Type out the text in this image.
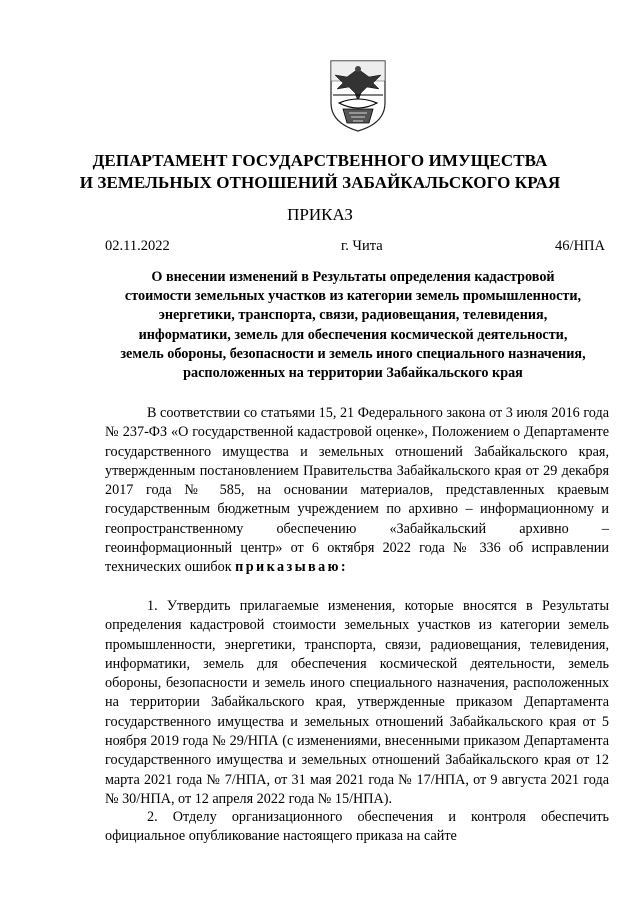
ДЕПАРТАМЕНТ ГОСУДАРСТВЕННОГО ИМУЩЕСТВА
И ЗЕМЕЛЬНЫХ ОТНОШЕНИЙ ЗАБАЙКАЛЬСКОГО КРАЯ
ПРИКАЗ
02.11.2022	г. Чита	46/НПА
О внесении изменений в Результаты определения кадастровой
стоимости земельных участков из категории земель промышленности,
энергетики, транспорта, связи, радиовещания, телевидения,
информатики, земель для обеспечения космической деятельности,
земель обороны, безопасности и земель иного специального назначения,
расположенных на территории Забайкальского края
В соответствии со статьями 15, 21 Федерального закона от 3 июля 2016 года № 237-ФЗ «О государственной кадастровой оценке», Положением о Департаменте государственного имущества и земельных отношений Забайкальского края, утвержденным постановлением Правительства Забайкальского края от 29 декабря 2017 года № 585, на основании материалов, представленных краевым государственным бюджетным учреждением по архивно – информационному и геопространственному обеспечению «Забайкальский архивно – геоинформационный центр» от 6 октября 2022 года № 336 об исправлении технических ошибок приказываю:
1. Утвердить прилагаемые изменения, которые вносятся в Результаты определения кадастровой стоимости земельных участков из категории земель промышленности, энергетики, транспорта, связи, радиовещания, телевидения, информатики, земель для обеспечения космической деятельности, земель обороны, безопасности и земель иного специального назначения, расположенных на территории Забайкальского края, утвержденные приказом Департамента государственного имущества и земельных отношений Забайкальского края от 5 ноября 2019 года № 29/НПА (с изменениями, внесенными приказом Департамента государственного имущества и земельных отношений Забайкальского края от 12 марта 2021 года № 7/НПА, от 31 мая 2021 года № 17/НПА, от 9 августа 2021 года № 30/НПА, от 12 апреля 2022 года № 15/НПА).
2. Отделу организационного обеспечения и контроля обеспечить официальное опубликование настоящего приказа на сайте
